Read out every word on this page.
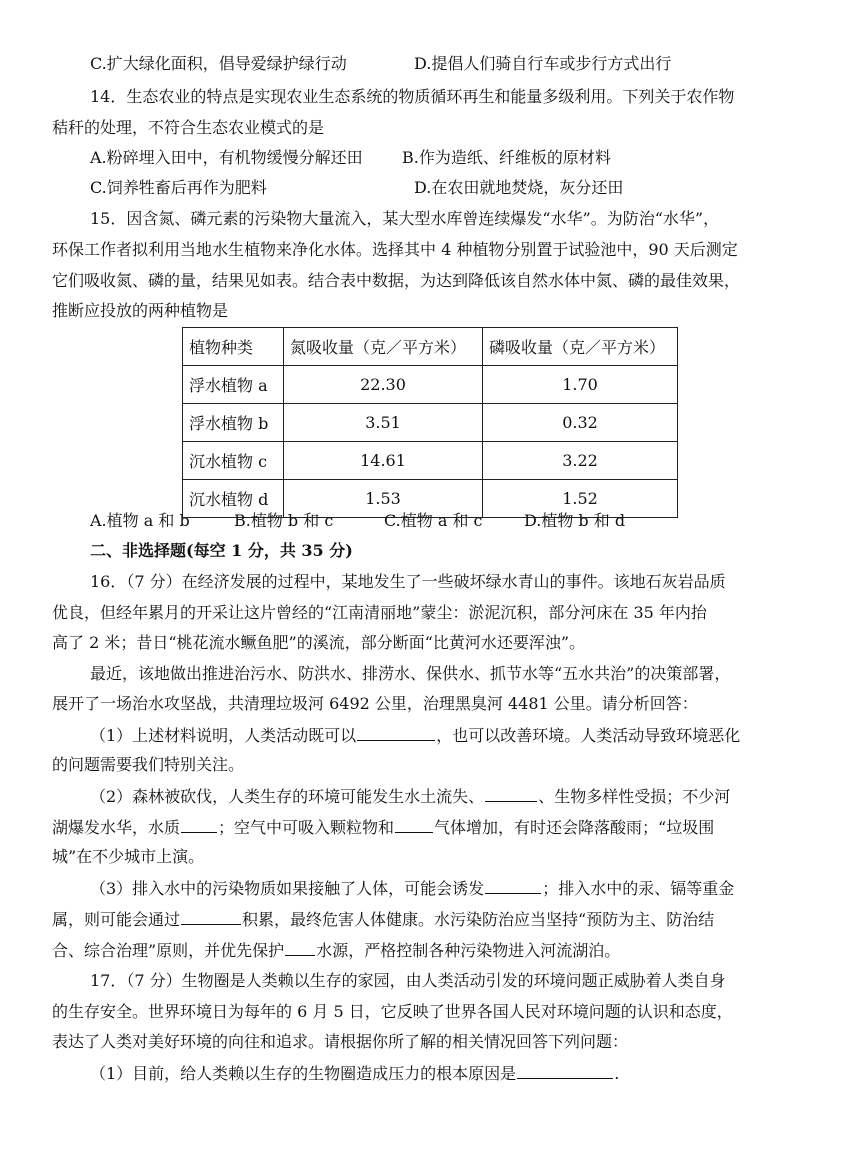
C.扩大绿化面积，倡导爱绿护绿行动	D.提倡人们骑自行车或步行方式出行
14．生态农业的特点是实现农业生态系统的物质循环再生和能量多级利用。下列关于农作物
秸秆的处理，不符合生态农业模式的是
A.粉碎埋入田中，有机物缓慢分解还田 B.作为造纸、纤维板的原材料
C.饲养牲畜后再作为肥料	D.在农田就地焚烧，灰分还田
15．因含氮、磷元素的污染物大量流入，某大型水库曾连续爆发“水华”。为防治“水华”，
环保工作者拟利用当地水生植物来净化水体。选择其中 4 种植物分别置于试验池中，90 天后测定
它们吸收氮、磷的量，结果见如表。结合表中数据，为达到降低该自然水体中氮、磷的最佳效果，
推断应投放的两种植物是
植物种类	氮吸收量（克／平方米）	磷吸收量（克／平方米）
浮水植物 a	22.30	1.70
浮水植物 b	3.51	0.32
沉水植物 c	14.61	3.22
沉水植物 d	1.53	1.52
A.植物 a 和 b	B.植物 b 和 c	C.植物 a 和 c	D.植物 b 和 d
二、非选择题(每空 1 分，共 35 分)
16．（7 分）在经济发展的过程中，某地发生了一些破坏绿水青山的事件。该地石灰岩品质
优良，但经年累月的开采让这片曾经的“江南清丽地”蒙尘：淤泥沉积，部分河床在 35 年内抬
高了 2 米；昔日“桃花流水鳜鱼肥”的溪流，部分断面“比黄河水还要浑浊”。
最近，该地做出推进治污水、防洪水、排涝水、保供水、抓节水等“五水共治”的决策部署，
展开了一场治水攻坚战，共清理垃圾河 6492 公里，治理黑臭河 4481 公里。请分析回答：
（1）上述材料说明，人类活动既可以	，也可以改善环境。人类活动导致环境恶化
的问题需要我们特别关注。
（2）森林被砍伐，人类生存的环境可能发生水土流失、	、生物多样性受损；不少河
湖爆发水华，水质 ；空气中可吸入颗粒物和	气体增加，有时还会降落酸雨；“垃圾围
城”在不少城市上演。
（3）排入水中的污染物质如果接触了人体，可能会诱发	；排入水中的汞、镉等重金
属，则可能会通过	积累，最终危害人体健康。水污染防治应当坚持“预防为主、防治结
合、综合治理”原则，并优先保护 水源，严格控制各种污染物进入河流湖泊。
17．（7 分）生物圈是人类赖以生存的家园，由人类活动引发的环境问题正威胁着人类自身
的生存安全。世界环境日为每年的 6 月 5 日，它反映了世界各国人民对环境问题的认识和态度，
表达了人类对美好环境的向往和追求。请根据你所了解的相关情况回答下列问题：
（1）目前，给人类赖以生存的生物圈造成压力的根本原因是	.
